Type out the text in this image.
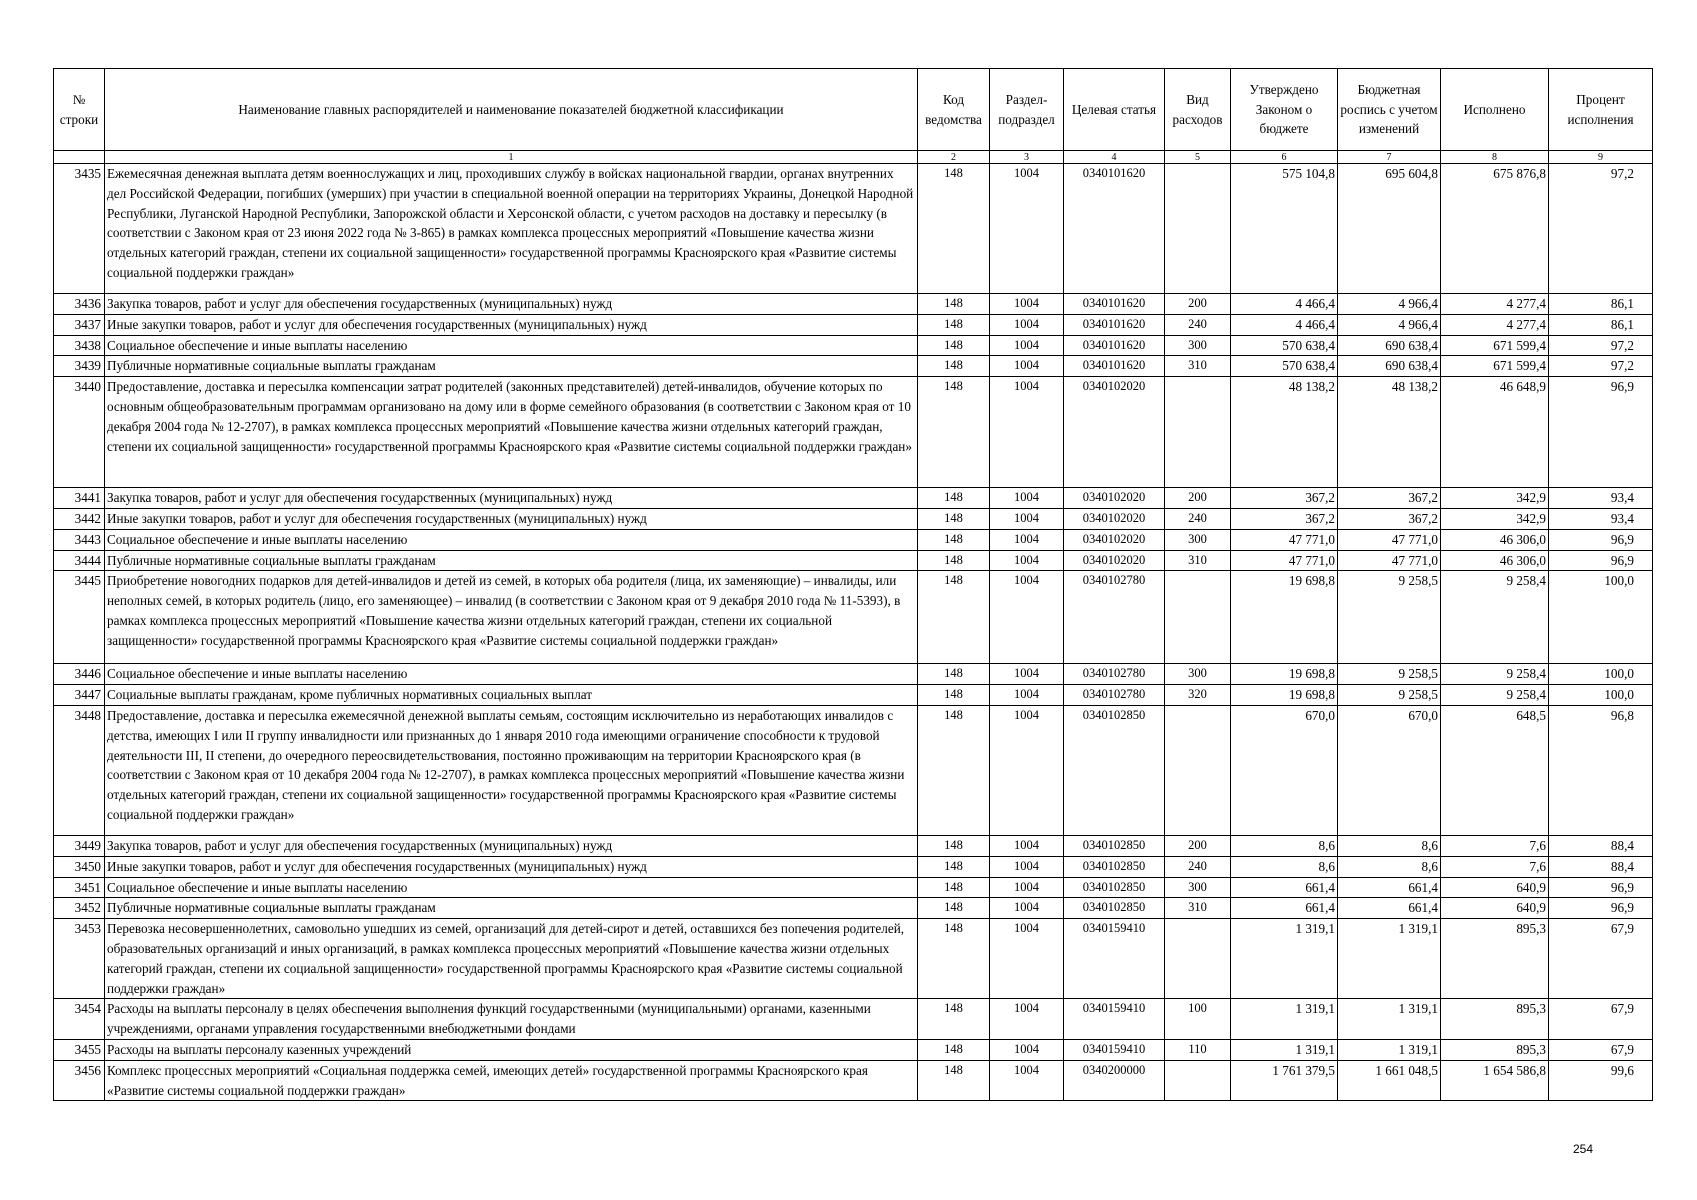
№ строки	Наименование главных распорядителей и наименование показателей бюджетной классификации	Код ведомства	Раздел-подраздел	Целевая статья	Вид расходов	Утверждено Законом о бюджете	Бюджетная роспись с учетом изменений	Исполнено	Процент исполнения
	1	2	3	4	5	6	7	8	9
3435	Ежемесячная денежная выплата детям военнослужащих и лиц, проходивших службу в войсках национальной гвардии, органах внутренних дел Российской Федерации, погибших (умерших) при участии в специальной военной операции на территориях Украины, Донецкой Народной Республики, Луганской Народной Республики, Запорожской области и Херсонской области, с учетом расходов на доставку и пересылку (в соответствии с Законом края от 23 июня 2022 года № 3-865) в рамках комплекса процессных мероприятий «Повышение качества жизни отдельных категорий граждан, степени их социальной защищенности» государственной программы Красноярского края «Развитие системы социальной поддержки граждан»	148	1004	0340101620		575 104,8	695 604,8	675 876,8	97,2
3436	Закупка товаров, работ и услуг для обеспечения государственных (муниципальных) нужд	148	1004	0340101620	200	4 466,4	4 966,4	4 277,4	86,1
3437	Иные закупки товаров, работ и услуг для обеспечения государственных (муниципальных) нужд	148	1004	0340101620	240	4 466,4	4 966,4	4 277,4	86,1
3438	Социальное обеспечение и иные выплаты населению	148	1004	0340101620	300	570 638,4	690 638,4	671 599,4	97,2
3439	Публичные нормативные социальные выплаты гражданам	148	1004	0340101620	310	570 638,4	690 638,4	671 599,4	97,2
3440	Предоставление, доставка и пересылка компенсации затрат родителей (законных представителей) детей-инвалидов, обучение которых по основным общеобразовательным программам организовано на дому или в форме семейного образования (в соответствии с Законом края от 10 декабря 2004 года № 12-2707), в рамках комплекса процессных мероприятий «Повышение качества жизни отдельных категорий граждан, степени их социальной защищенности» государственной программы Красноярского края «Развитие системы социальной поддержки граждан»	148	1004	0340102020		48 138,2	48 138,2	46 648,9	96,9
3441	Закупка товаров, работ и услуг для обеспечения государственных (муниципальных) нужд	148	1004	0340102020	200	367,2	367,2	342,9	93,4
3442	Иные закупки товаров, работ и услуг для обеспечения государственных (муниципальных) нужд	148	1004	0340102020	240	367,2	367,2	342,9	93,4
3443	Социальное обеспечение и иные выплаты населению	148	1004	0340102020	300	47 771,0	47 771,0	46 306,0	96,9
3444	Публичные нормативные социальные выплаты гражданам	148	1004	0340102020	310	47 771,0	47 771,0	46 306,0	96,9
3445	Приобретение новогодних подарков для детей-инвалидов и детей из семей, в которых оба родителя (лица, их заменяющие) – инвалиды, или неполных семей, в которых родитель (лицо, его заменяющее) – инвалид (в соответствии с Законом края от 9 декабря 2010 года № 11-5393), в рамках комплекса процессных мероприятий «Повышение качества жизни отдельных категорий граждан, степени их социальной защищенности» государственной программы Красноярского края «Развитие системы социальной поддержки граждан»	148	1004	0340102780		19 698,8	9 258,5	9 258,4	100,0
3446	Социальное обеспечение и иные выплаты населению	148	1004	0340102780	300	19 698,8	9 258,5	9 258,4	100,0
3447	Социальные выплаты гражданам, кроме публичных нормативных социальных выплат	148	1004	0340102780	320	19 698,8	9 258,5	9 258,4	100,0
3448	Предоставление, доставка и пересылка ежемесячной денежной выплаты семьям, состоящим исключительно из неработающих инвалидов с детства, имеющих I или II группу инвалидности или признанных до 1 января 2010 года имеющими ограничение способности к трудовой деятельности III, II степени, до очередного переосвидетельствования, постоянно проживающим на территории Красноярского края (в соответствии с Законом края от 10 декабря 2004 года № 12-2707), в рамках комплекса процессных мероприятий «Повышение качества жизни отдельных категорий граждан, степени их социальной защищенности» государственной программы Красноярского края «Развитие системы социальной поддержки граждан»	148	1004	0340102850		670,0	670,0	648,5	96,8
3449	Закупка товаров, работ и услуг для обеспечения государственных (муниципальных) нужд	148	1004	0340102850	200	8,6	8,6	7,6	88,4
3450	Иные закупки товаров, работ и услуг для обеспечения государственных (муниципальных) нужд	148	1004	0340102850	240	8,6	8,6	7,6	88,4
3451	Социальное обеспечение и иные выплаты населению	148	1004	0340102850	300	661,4	661,4	640,9	96,9
3452	Публичные нормативные социальные выплаты гражданам	148	1004	0340102850	310	661,4	661,4	640,9	96,9
3453	Перевозка несовершеннолетних, самовольно ушедших из семей, организаций для детей-сирот и детей, оставшихся без попечения родителей, образовательных организаций и иных организаций, в рамках комплекса процессных мероприятий «Повышение качества жизни отдельных категорий граждан, степени их социальной защищенности» государственной программы Красноярского края «Развитие системы социальной поддержки граждан»	148	1004	0340159410		1 319,1	1 319,1	895,3	67,9
3454	Расходы на выплаты персоналу в целях обеспечения выполнения функций государственными (муниципальными) органами, казенными учреждениями, органами управления государственными внебюджетными фондами	148	1004	0340159410	100	1 319,1	1 319,1	895,3	67,9
3455	Расходы на выплаты персоналу казенных учреждений	148	1004	0340159410	110	1 319,1	1 319,1	895,3	67,9
3456	Комплекс процессных мероприятий «Социальная поддержка семей, имеющих детей» государственной программы Красноярского края «Развитие системы социальной поддержки граждан»	148	1004	0340200000		1 761 379,5	1 661 048,5	1 654 586,8	99,6
254
